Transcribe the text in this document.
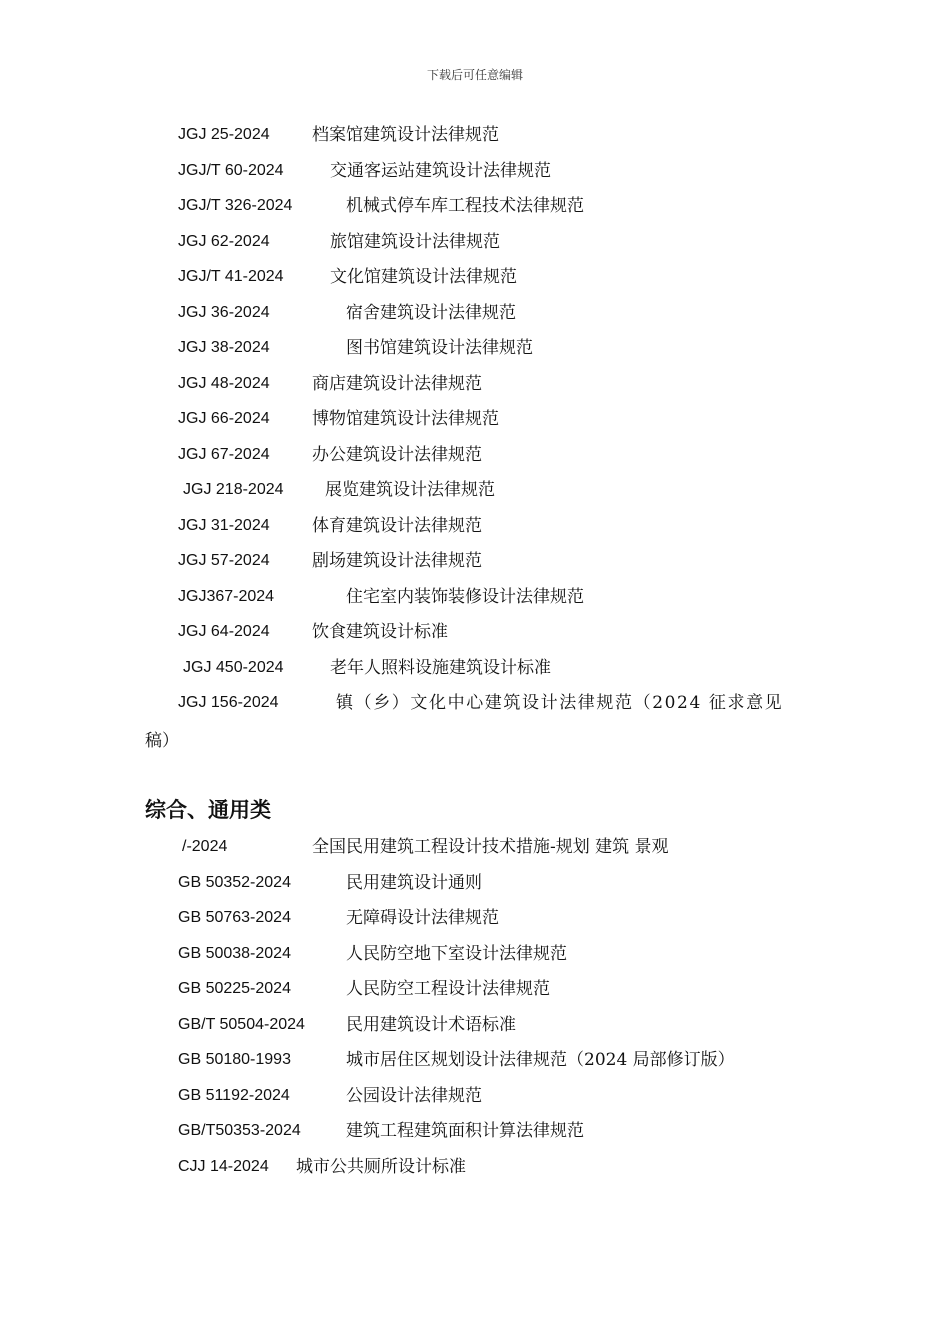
下载后可任意编辑
JGJ 25-2024 档案馆建筑设计法律规范
JGJ/T 60-2024	交通客运站建筑设计法律规范
JGJ/T 326-2024	机械式停车库工程技术法律规范
JGJ 62-2024	旅馆建筑设计法律规范
JGJ/T 41-2024	文化馆建筑设计法律规范
JGJ 36-2024	宿舍建筑设计法律规范
JGJ 38-2024	图书馆建筑设计法律规范
JGJ 48-2024 商店建筑设计法律规范
JGJ 66-2024 博物馆建筑设计法律规范
JGJ 67-2024 办公建筑设计法律规范
JGJ 218-2024 展览建筑设计法律规范
JGJ 31-2024 体育建筑设计法律规范
JGJ 57-2024 剧场建筑设计法律规范
JGJ367-2024	住宅室内装饰装修设计法律规范
JGJ 64-2024 饮食建筑设计标准
JGJ 450-2024	老年人照料设施建筑设计标准
JGJ 156-2024	镇（乡）文化中心建筑设计法律规范（2024 征求意见
稿）
综合、通用类
/-2024	全国民用建筑工程设计技术措施-规划 建筑 景观
GB 50352-2024	民用建筑设计通则
GB 50763-2024	无障碍设计法律规范
GB 50038-2024	人民防空地下室设计法律规范
GB 50225-2024	人民防空工程设计法律规范
GB/T 50504-2024 民用建筑设计术语标准
GB 50180-1993	城市居住区规划设计法律规范（2024 局部修订版）
GB 51192-2024	公园设计法律规范
GB/T50353-2024	建筑工程建筑面积计算法律规范
CJJ 14-2024 城市公共厕所设计标准
